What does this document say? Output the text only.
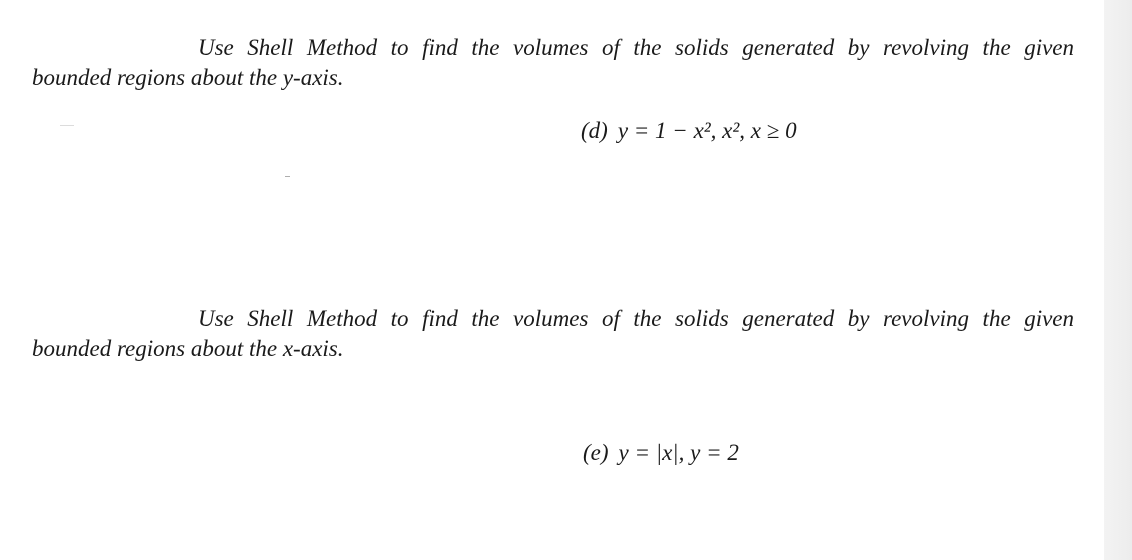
Use Shell Method to find the volumes of the solids generated by revolving the given
bounded regions about the y-axis.

(d) y = 1 − x², x², x ≥ 0

Use Shell Method to find the volumes of the solids generated by revolving the given
bounded regions about the x-axis.

(e) y = |x|, y = 2
